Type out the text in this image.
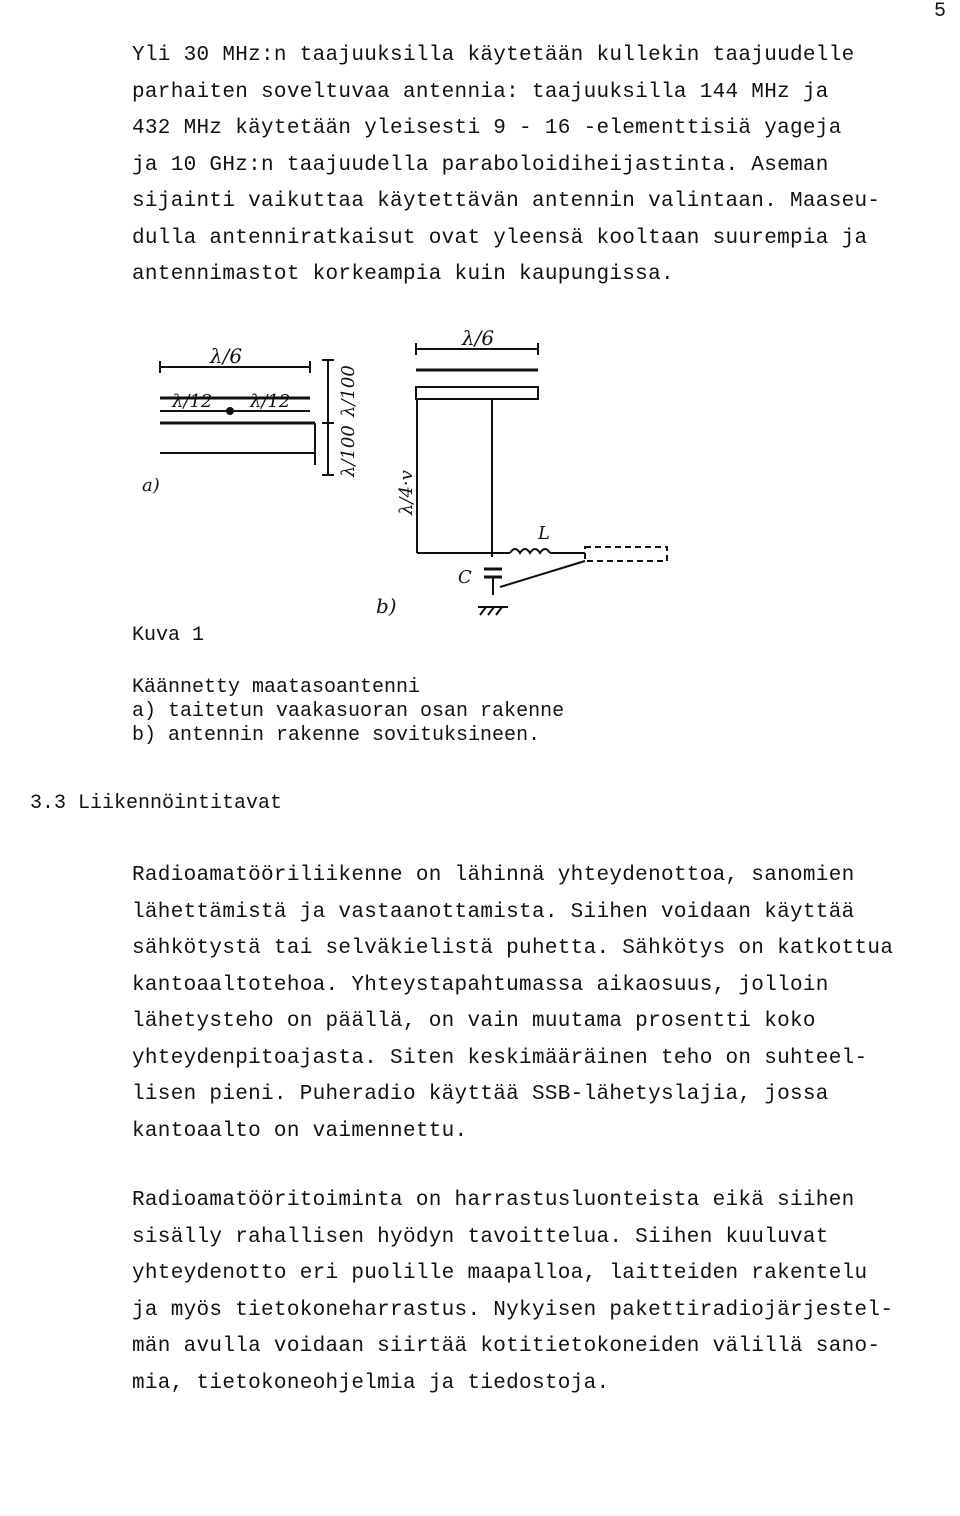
5
Yli 30 MHz:n taajuuksilla käytetään kullekin taajuudelle
parhaiten soveltuvaa antennia: taajuuksilla 144 MHz ja
432 MHz käytetään yleisesti 9 - 16 -elementtisiä yageja
ja 10 GHz:n taajuudella paraboloidiheijastinta. Aseman
sijainti vaikuttaa käytettävän antennin valintaan. Maaseu-
dulla antenniratkaisut ovat yleensä kooltaan suurempia ja
antennimastot korkeampia kuin kaupungissa.
λ/6
λ/12 λ/12	λ/100
λ/100
a)
λ/6
λ/4·v
L
C
b)
Kuva 1
Käännetty maatasoantenni
a) taitetun vaakasuoran osan rakenne
b) antennin rakenne sovituksineen.
3.3 Liikennöintitavat
Radioamatööriliikenne on lähinnä yhteydenottoa, sanomien
lähettämistä ja vastaanottamista. Siihen voidaan käyttää
sähkötystä tai selväkielistä puhetta. Sähkötys on katkottua
kantoaaltotehoa. Yhteystapahtumassa aikaosuus, jolloin
lähetysteho on päällä, on vain muutama prosentti koko
yhteydenpitoajasta. Siten keskimääräinen teho on suhteel-
lisen pieni. Puheradio käyttää SSB-lähetyslajia, jossa
kantoaalto on vaimennettu.
Radioamatööritoiminta on harrastusluonteista eikä siihen
sisälly rahallisen hyödyn tavoittelua. Siihen kuuluvat
yhteydenotto eri puolille maapalloa, laitteiden rakentelu
ja myös tietokoneharrastus. Nykyisen pakettiradiojärjestel-
män avulla voidaan siirtää kotitietokoneiden välillä sano-
mia, tietokoneohjelmia ja tiedostoja.
